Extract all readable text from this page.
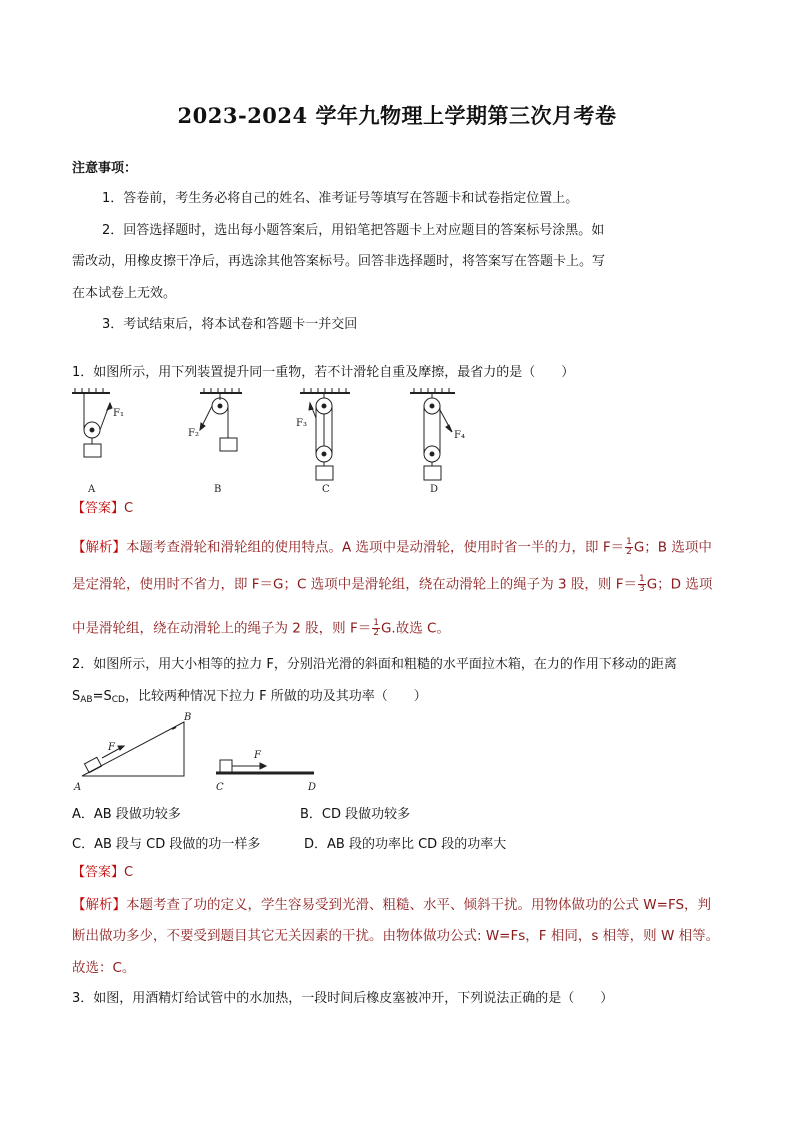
2023-2024 学年九物理上学期第三次月考卷
注意事项：
1．答卷前，考生务必将自己的姓名、准考证号等填写在答题卡和试卷指定位置上。
2．回答选择题时，选出每小题答案后，用铅笔把答题卡上对应题目的答案标号涂黑。如
需改动，用橡皮擦干净后，再选涂其他答案标号。回答非选择题时，将答案写在答题卡上。写
在本试卷上无效。
3．考试结束后，将本试卷和答题卡一并交回
1．如图所示，用下列装置提升同一重物，若不计滑轮自重及摩擦，最省力的是（　　）
F₁
F₂
F₃
F₄
A	B	C	D
【答案】C
【解析】本题考查滑轮和滑轮组的使用特点。A 选项中是动滑轮，使用时省一半的力，即 $F= \frac{1}{2}$ G；B 选项中
是定滑轮，使用时不省力，即 F＝G；C 选项中是滑轮组，绕在动滑轮上的绳子为 3 股，则 $F= \frac{1}{3}$ G；D 选项
中是滑轮组，绕在动滑轮上的绳子为 2 股，则 $F= \frac{1}{2} G$.故选 C。
2．如图所示，用大小相等的拉力 F，分别沿光滑的斜面和粗糙的水平面拉木箱，在力的作用下移动的距离
$S_{AB}=S_{CD}$，比较两种情况下拉力 F 所做的功及其功率（　　）
A
B
F
C	D
F
A．AB 段做功较多	B．CD 段做功较多
C．AB 段与 CD 段做的功一样多	D．AB 段的功率比 CD 段的功率大
【答案】C
【解析】本题考查了功的定义，学生容易受到光滑、粗糙、水平、倾斜干扰。用物体做功的公式 W=FS，判
断出做功多少，不要受到题目其它无关因素的干扰。由物体做功公式: W=Fs，F 相同，s 相等，则 W 相等。
故选：C。
3．如图，用酒精灯给试管中的水加热，一段时间后橡皮塞被冲开，下列说法正确的是（　　）
